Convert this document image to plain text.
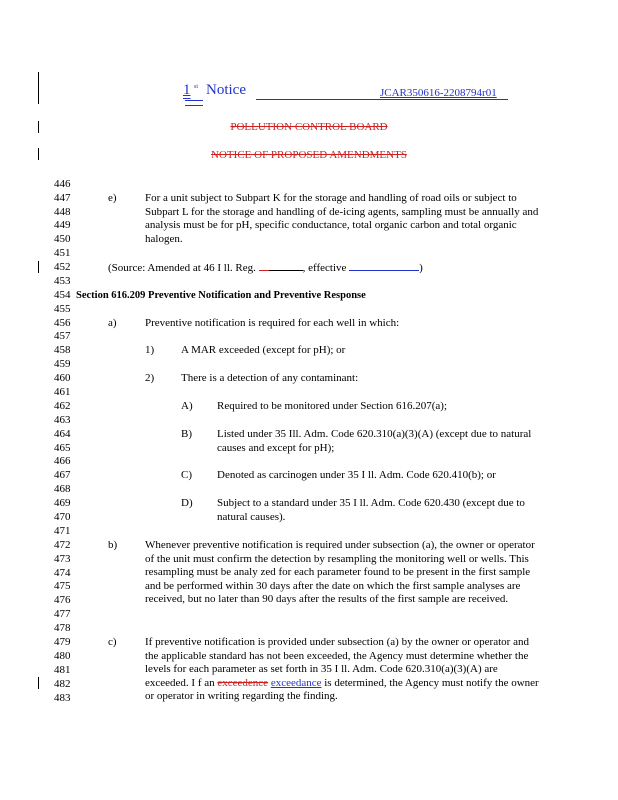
1 st Notice	JCAR350616-2208794r01
POLLUTION CONTROL BOARD
NOTICE OF PROPOSED AMENDMENTS
446
447
448
449
450
451
452
453
454
455
456
457
458
459
460
461
462
463
464
465
466
467
468
469
470
471
472
473
474
475
476
477
478
479
480
481
482
483
e)	For a unit subject to Subpart K for the storage and handling of road oils or subject to Subpart L for the storage and handling of de-icing agents, sampling must be annually and analysis must be for pH, specific conductance, total organic carbon and total organic halogen.
(Source: Amended at 46 I ll. Reg.	, effective	)
Section 616.209 Preventive Notification and Preventive Response
a)	Preventive notification is required for each well in which:
1) A MAR exceeded (except for pH); or
2) There is a detection of any contaminant:
A) Required to be monitored under Section 616.207(a);
B) Listed under 35 Ill. Adm. Code 620.310(a)(3)(A) (except due to natural causes and except for pH);
C) Denoted as carcinogen under 35 I ll. Adm. Code 620.410(b); or
D) Subject to a standard under 35 I ll. Adm. Code 620.430 (except due to natural causes).
b)	Whenever preventive notification is required under subsection (a), the owner or operator of the unit must confirm the detection by resampling the monitoring well or wells. This resampling must be analy zed for each parameter found to be present in the first sample and be performed within 30 days after the date on which the first sample analyses are received, but no later than 90 days after the results of the first sample are received.
c)	If preventive notification is provided under subsection (a) by the owner or operator and the applicable standard has not been exceeded, the Agency must determine whether the levels for each parameter as set forth in 35 I ll. Adm. Code 620.310(a)(3)(A) are exceeded. I f an exceedence exceedance is determined, the Agency must notify the owner or operator in writing regarding the finding.
